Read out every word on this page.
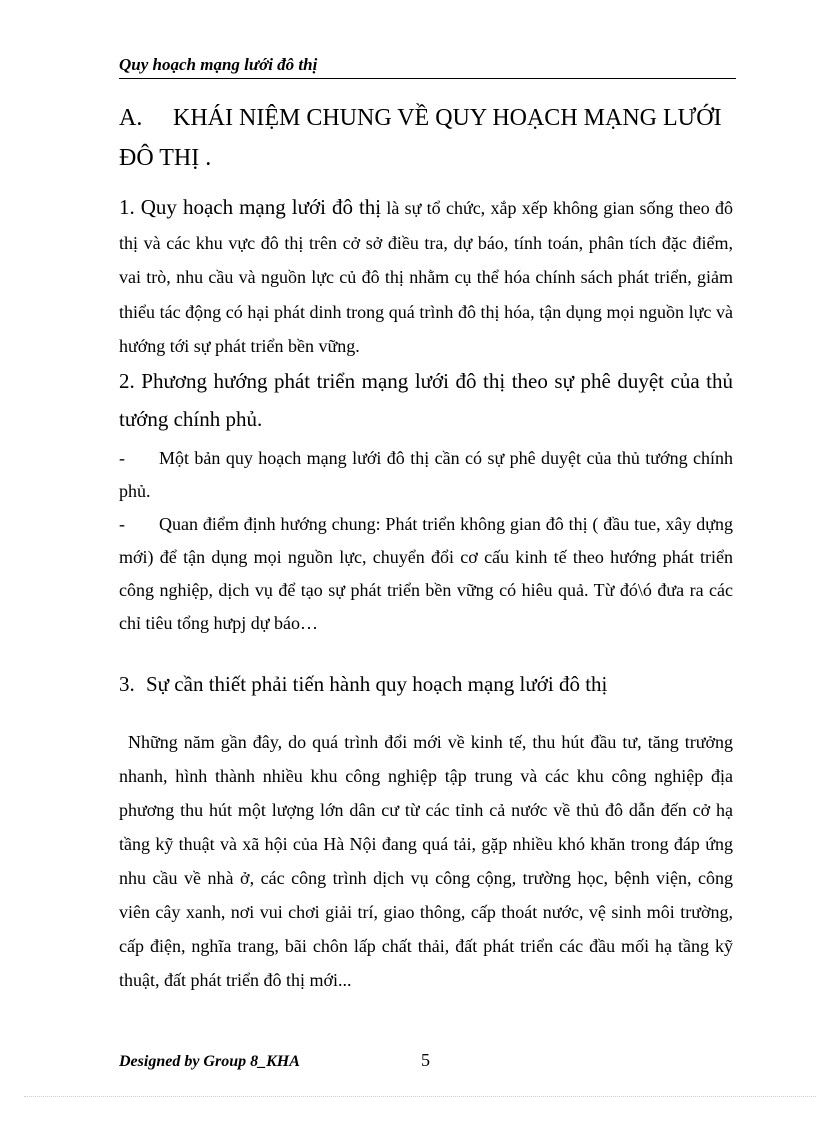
Quy hoạch mạng lưới đô thị
A. KHÁI NIỆM CHUNG VỀ QUY HOẠCH MẠNG LƯỚI ĐÔ THỊ .

1. Quy hoạch mạng lưới đô thị là sự tổ chức, xắp xếp không gian sống theo đô thị và các khu vực đô thị trên cở sở điều tra, dự báo, tính toán, phân tích đặc điểm, vai trò, nhu cầu và nguồn lực củ đô thị nhằm cụ thể hóa chính sách phát triển, giảm thiểu tác động có hại phát dinh trong quá trình đô thị hóa, tận dụng mọi nguồn lực và hướng tới sự phát triển bền vững.

2. Phương hướng phát triển mạng lưới đô thị theo sự phê duyệt của thủ tướng chính phủ.

- Một bản quy hoạch mạng lưới đô thị cần có sự phê duyệt của thủ tướng chính phủ.

- Quan điểm định hướng chung: Phát triển không gian đô thị ( đầu tue, xây dựng mới) để tận dụng mọi nguồn lực, chuyển đổi cơ cấu kinh tế theo hướng phát triển công nghiệp, dịch vụ để tạo sự phát triển bền vững có hiêu quả. Từ đó\ó đưa ra các chỉ tiêu tổng hưpj dự báo…

3. Sự cần thiết phải tiến hành quy hoạch mạng lưới đô thị

Những năm gần đây, do quá trình đổi mới về kinh tế, thu hút đầu tư, tăng trưởng nhanh, hình thành nhiều khu công nghiệp tập trung và các khu công nghiệp địa phương thu hút một lượng lớn dân cư từ các tỉnh cả nước về thủ đô dẫn đến cở hạ tầng kỹ thuật và xã hội của Hà Nội đang quá tải, gặp nhiều khó khăn trong đáp ứng nhu cầu về nhà ở, các công trình dịch vụ công cộng, trường học, bệnh viện, công viên cây xanh, nơi vui chơi giải trí, giao thông, cấp thoát nước, vệ sinh môi trường, cấp điện, nghĩa trang, bãi chôn lấp chất thải, đất phát triển các đầu mối hạ tầng kỹ thuật, đất phát triển đô thị mới...

Designed by Group 8_KHA	5
